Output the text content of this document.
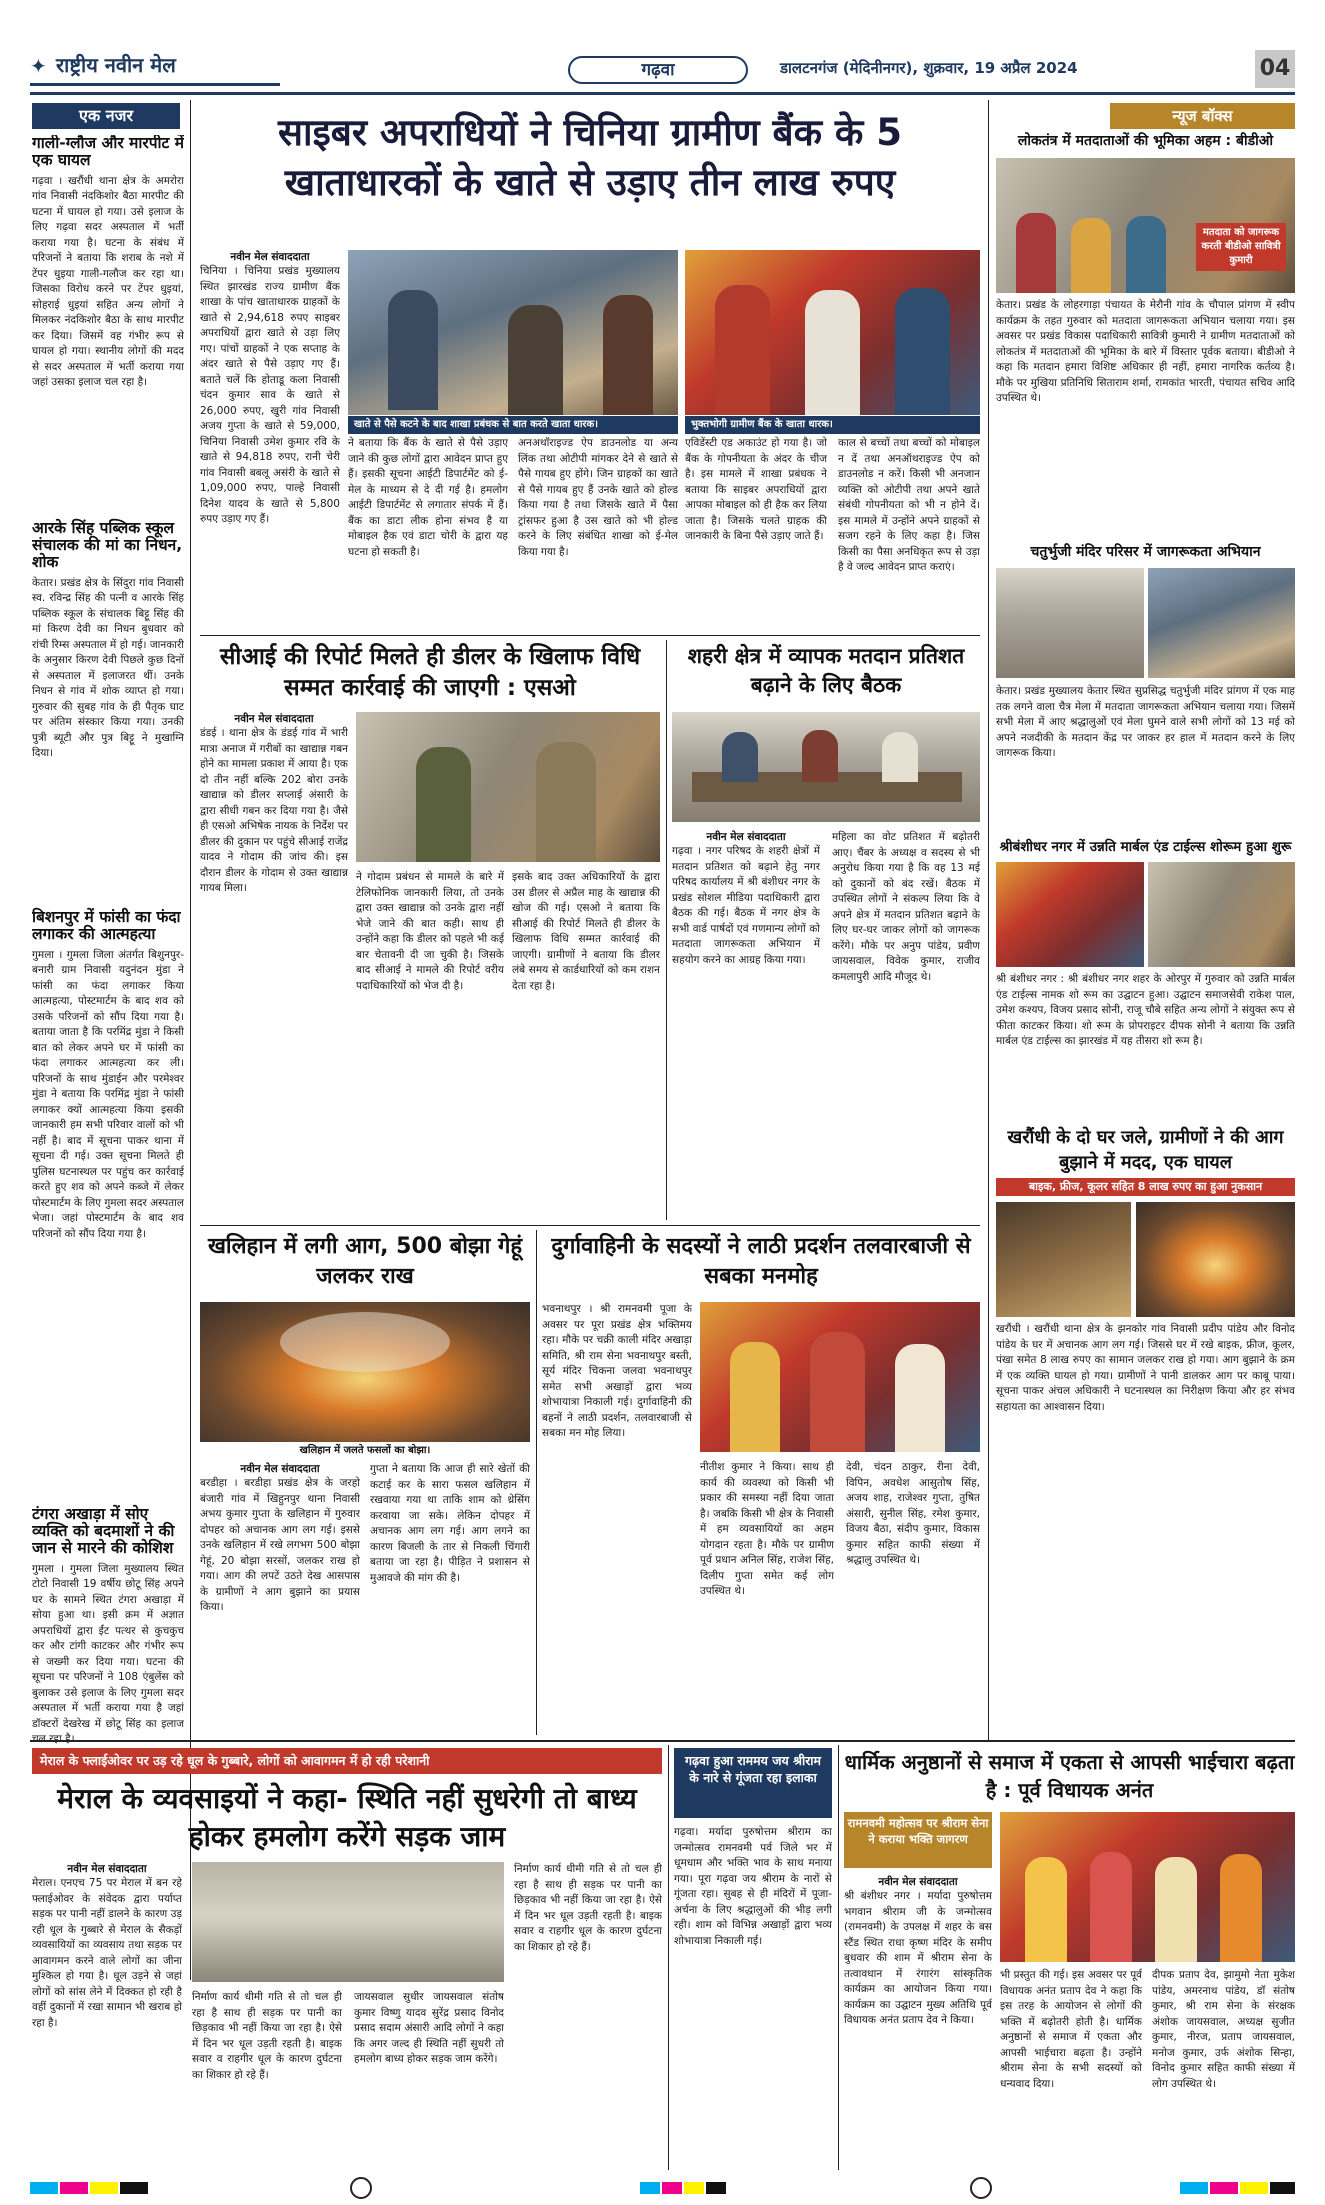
✦ राष्ट्रीय नवीन मेल	गढ़वा	डालटनगंज (मेदिनीनगर), शुक्रवार, 19 अप्रैल 2024	04
एक नजर
गाली-ग्लौज और मारपीट में एक घायल
गढ़वा । खरौंधी थाना क्षेत्र के अमरोरा गांव निवासी नंदकिशोर बैठा मारपीट की घटना में घायल हो गया। उसे इलाज के लिए गढ़वा सदर अस्पताल में भर्ती कराया गया है। घटना के संबंध में परिजनों ने बताया कि शराब के नशे में टेंपर धुइया गाली-गलौज कर रहा था। जिसका विरोध करने पर टेंपर धुइयां, सोहराई धुइयां सहित अन्य लोगों ने मिलकर नंदकिशोर बैठा के साथ मारपीट कर दिया। जिसमें वह गंभीर रूप से घायल हो गया। स्थानीय लोगों की मदद से सदर अस्पताल में भर्ती कराया गया जहां उसका इलाज चल रहा है।
आरके सिंह पब्लिक स्कूल संचालक की मां का निधन, शोक
केतार। प्रखंड क्षेत्र के सिंदुरा गांव निवासी स्व. रविन्द्र सिंह की पत्नी व आरके सिंह पब्लिक स्कूल के संचालक बिट्टू सिंह की मां किरण देवी का निधन बुधवार को रांची रिम्स अस्पताल में हो गई। जानकारी के अनुसार किरण देवी पिछले कुछ दिनों से अस्पताल में इलाजरत थीं। उनके निधन से गांव में शोक व्याप्त हो गया। गुरुवार की सुबह गांव के ही पैतृक घाट पर अंतिम संस्कार किया गया। उनकी पुत्री ब्यूटी और पुत्र बिट्टू ने मुखाग्नि दिया।
बिशनपुर में फांसी का फंदा लगाकर की आत्महत्या
गुमला । गुमला जिला अंतर्गत बिशुनपुर-बनारी ग्राम निवासी यदुनंदन मुंडा ने फांसी का फंदा लगाकर किया आत्महत्या, पोस्टमार्टम के बाद शव को उसके परिजनों को सौंप दिया गया है। बताया जाता है कि परमिंद्र मुंडा ने किसी बात को लेकर अपने घर में फांसी का फंदा लगाकर आत्महत्या कर ली। परिजनों के साथ मुंडाईन और परमेश्वर मुंडा ने बताया कि परमिंद्र मुंडा ने फांसी लगाकर क्यों आत्महत्या किया इसकी जानकारी हम सभी परिवार वालों को भी नहीं है। बाद में सूचना पाकर थाना में सूचना दी गई। उक्त सूचना मिलते ही पुलिस घटनास्थल पर पहुंच कर कार्रवाई करते हुए शव को अपने कब्जे में लेकर पोस्टमार्टम के लिए गुमला सदर अस्पताल भेजा। जहां पोस्टमार्टम के बाद शव परिजनों को सौंप दिया गया है।
टंगरा अखाड़ा में सोए व्यक्ति को बदमाशों ने की जान से मारने की कोशिश
गुमला । गुमला जिला मुख्यालय स्थित टोटो निवासी 19 वर्षीय छोटू सिंह अपने घर के सामने स्थित टंगरा अखाड़ा में सोया हुआ था। इसी क्रम में अज्ञात अपराधियों द्वारा ईंट पत्थर से कुचकुच कर और टांगी काटकर और गंभीर रूप से जख्मी कर दिया गया। घटना की सूचना पर परिजनों ने 108 एंबुलेंस को बुलाकर उसे इलाज के लिए गुमला सदर अस्पताल में भर्ती कराया गया है जहां डॉक्टरों देखरेख में छोटू सिंह का इलाज
साइबर अपराधियों ने चिनिया ग्रामीण बैंक के 5 खाताधारकों के खाते से उड़ाए तीन लाख रुपए
नवीन मेल संवाददाता
चिनिया । चिनिया प्रखंड मुख्यालय स्थित झारखंड राज्य ग्रामीण बैंक शाखा के पांच खाताधारक ग्राहकों के खाते से 2,94,618 रुपए साइबर अपराधियों द्वारा खाते से उड़ा लिए गए। पांचों ग्राहकों ने एक सप्ताह के अंदर खाते से पैसे उड़ाए गए हैं। बताते चलें कि होताडू कला निवासी चंदन कुमार साव के खाते से 26,000 रुपए, खुरी गांव निवासी अजय गुप्ता के खाते से 59,000, चिनिया निवासी उमेश कुमार रवि के खाते से 94,818 रुपए, रानी चेरी गांव निवासी बबलू असंरी के खाते से 1,09,000 रुपए, पाल्हे निवासी दिनेश यादव के खाते से 5,800 रुपए उड़ाए गए हैं।
खाते से पैसे कटने के बाद शाखा प्रबंधक से बात करते खाता धारक।	भुक्तभोगी ग्रामीण बैंक के खाता धारक।
ने बताया कि बैंक के खाते से पैसे उड़ाए जाने की कुछ लोगों द्वारा आवेदन प्राप्त हुए हैं। इसकी सूचना आईटी डिपार्टमेंट को ई-मेल के माध्यम से दे दी गई है। हमलोग आईटी डिपार्टमेंट से लगातार संपर्क में हैं। बैंक का डाटा लीक होना संभव है या मोबाइल हैक एवं डाटा चोरी के द्वारा यह घटना हो सकती है।
अनअथॉराइज्ड ऐप डाउनलोड या अन्य लिंक तथा ओटीपी मांगकर देने से खाते से पैसे गायब हुए होंगे। जिन ग्राहकों का खाते से पैसे गायब हुए हैं उनके खाते को होल्ड किया गया है तथा जिसके खाते में पैसा ट्रांसफर हुआ है उस खाते को भी होल्ड करने के लिए संबंधित शाखा को ई-मेल किया गया है।
एविडेंस्टी एड अकाउंट हो गया है। जो बैंक के गोपनीयता के अंदर के चीज है। इस मामले में शाखा प्रबंधक ने बताया कि साइबर अपराधियों द्वारा आपका मोबाइल को ही हैक कर लिया जाता है। जिसके चलते ग्राहक की जानकारी के बिना पैसे उड़ाए जाते हैं।
काल से बच्चों तथा बच्चों को मोबाइल न दें तथा अनऑथराइज्ड ऐप को डाउनलोड न करें। किसी भी अनजान व्यक्ति को ओटीपी तथा अपने खाते संबंधी गोपनीयता को भी न होने दें। इस मामले में उन्होंने अपने ग्राहकों से सजग रहने के लिए कहा है। जिस किसी का पैसा अनधिकृत रूप से उड़ा है वे जल्द आवेदन प्राप्त कराएं।
सीआई की रिपोर्ट मिलते ही डीलर के खिलाफ विधि सम्मत कार्रवाई की जाएगी : एसओ
नवीन मेल संवाददाता
डंडई । थाना क्षेत्र के डंडई गांव में भारी मात्रा अनाज में गरीबों का खाद्यान्न गबन होने का मामला प्रकाश में आया है। एक दो तीन नहीं बल्कि 202 बोरा उनके खाद्यान्न को डीलर सप्लाई अंसारी के द्वारा सीधी गबन कर दिया गया है। जैसे ही एसओ अभिषेक नायक के निर्देश पर डीलर की दुकान पर पहुंचे सीआई राजेंद्र यादव ने गोदाम की जांच की। इस दौरान डीलर के गोदाम से उक्त खाद्यान्न गायब मिला।
ने गोदाम प्रबंधन से मामले के बारे में टेलिफोनिक जानकारी लिया, तो उनके द्वारा उक्त खाद्यान्न को उनके द्वारा नहीं भेजे जाने की बात कही। साथ ही उन्होंने कहा कि डीलर को पहले भी कई बार चेतावनी दी जा चुकी है। जिसके बाद सीआई ने मामले की रिपोर्ट वरीय पदाधिकारियों को भेज दी है।
इसके बाद उक्त अधिकारियों के द्वारा उस डीलर से अप्रैल माह के खाद्यान्न की खोज की गई। एसओ ने बताया कि सीआई की रिपोर्ट मिलते ही डीलर के खिलाफ विधि सम्मत कार्रवाई की जाएगी। ग्रामीणों ने बताया कि डीलर लंबे समय से कार्डधारियों को कम राशन देता रहा है।
शहरी क्षेत्र में व्यापक मतदान प्रतिशत बढ़ाने के लिए बैठक
नवीन मेल संवाददाता
गढ़वा । नगर परिषद के शहरी क्षेत्रों में मतदान प्रतिशत को बढ़ाने हेतु नगर परिषद कार्यालय में श्री बंशीधर नगर के प्रखंड सोशल मीडिया पदाधिकारी द्वारा बैठक की गई। बैठक में नगर क्षेत्र के सभी वार्ड पार्षदों एवं गणमान्य लोगों को मतदाता जागरूकता अभियान में सहयोग करने का आग्रह किया गया।
महिला का वोट प्रतिशत में बढ़ोतरी आए। चैंबर के अध्यक्ष व सदस्य से भी अनुरोध किया गया है कि वह 13 मई को दुकानों को बंद रखें। बैठक में उपस्थित लोगों ने संकल्प लिया कि वे अपने क्षेत्र में मतदान प्रतिशत बढ़ाने के लिए घर-घर जाकर लोगों को जागरूक करेंगे। मौके पर अनुप पांडेय, प्रवीण जायसवाल, विवेक कुमार, राजीव कमलापुरी आदि मौजूद थे।
खलिहान में लगी आग, 500 बोझा गेहूं जलकर राख
खलिहान में जलते फसलों का बोझा।
नवीन मेल संवाददाता
बरडीहा । बरडीहा प्रखंड क्षेत्र के जरहो बंजारी गांव में खिहुनपुर थाना निवासी अभय कुमार गुप्ता के खलिहान में गुरुवार दोपहर को अचानक आग लग गई। इससे उनके खलिहान में रखे लगभग 500 बोझा गेहूं, 20 बोझा सरसों, जलकर राख हो गया। आग की लपटें उठते देख आसपास के ग्रामीणों ने आग बुझाने का प्रयास किया।
गुप्ता ने बताया कि आज ही सारे खेतों की कटाई कर के सारा फसल खलिहान में रखवाया गया था ताकि शाम को थ्रेसिंग करवाया जा सके। लेकिन दोपहर में अचानक आग लग गई। आग लगने का कारण बिजली के तार से निकली चिंगारी बताया जा रहा है। पीड़ित ने प्रशासन से मुआवजे की मांग की है।
दुर्गावाहिनी के सदस्यों ने लाठी प्रदर्शन तलवारबाजी से सबका मनमोह
भवनाथपुर । श्री रामनवमी पूजा के अवसर पर पूरा प्रखंड क्षेत्र भक्तिमय रहा। मौके पर चक्री काली मंदिर अखाड़ा समिति, श्री राम सेना भवनाथपुर बस्ती, सूर्य मंदिर चिकना जलवा भवनाथपुर समेत सभी अखाड़ों द्वारा भव्य शोभायात्रा निकाली गई। दुर्गावाहिनी की बहनों ने लाठी प्रदर्शन, तलवारबाजी से सबका मन मोह लिया।
नीतीश कुमार ने किया। साथ ही कार्य की व्यवस्था को किसी भी प्रकार की समस्या नहीं दिया जाता है। जबकि किसी भी क्षेत्र के निवासी में हम व्यवसायियों का अहम योगदान रहता है। मौके पर ग्रामीण पूर्व प्रधान अनिल सिंह, राजेश सिंह, दिलीप गुप्ता समेत कई लोग उपस्थित थे।
देवी, चंदन ठाकुर, रीना देवी, विपिन, अवधेश आसुतोष सिंह, अजय शाह, राजेश्वर गुप्ता, तुषित अंसारी, सुनील सिंह, रमेश कुमार, विजय बैठा, संदीप कुमार, विकास कुमार सहित काफी संख्या में श्रद्धालु उपस्थित थे।
न्यूज बॉक्स
लोकतंत्र में मतदाताओं की भूमिका अहम : बीडीओ
मतदाता को जागरूक करती बीडीओ सावित्री कुमारी
केतार। प्रखंड के लोहरगाड़ा पंचायत के मेरौनी गांव के चौपाल प्रांगण में स्वीप कार्यक्रम के तहत गुरुवार को मतदाता जागरूकता अभियान चलाया गया। इस अवसर पर प्रखंड विकास पदाधिकारी सावित्री कुमारी ने ग्रामीण मतदाताओं को लोकतंत्र में मतदाताओं की भूमिका के बारे में विस्तार पूर्वक बताया। बीडीओ ने कहा कि मतदान हमारा विशिष्ट अधिकार ही नहीं, हमारा नागरिक कर्तव्य है। मौके पर मुखिया प्रतिनिधि सिताराम शर्मा, रामकांत भारती, पंचायत सचिव आदि उपस्थित थे।
चतुर्भुजी मंदिर परिसर में जागरूकता अभियान
केतार। प्रखंड मुख्यालय केतार स्थित सुप्रसिद्ध चतुर्भुजी मंदिर प्रांगण में एक माह तक लगने वाला चैत्र मेला में मतदाता जागरूकता अभियान चलाया गया। जिसमें सभी मेला में आए श्रद्धालुओं एवं मेला घुमने वाले सभी लोगों को 13 मई को अपने नजदीकी के मतदान केंद्र पर जाकर हर हाल में मतदान करने के लिए जागरूक किया।
श्रीबंशीधर नगर में उन्नति मार्बल एंड टाईल्स शोरूम हुआ शुरू
श्री बंशीधर नगर : श्री बंशीधर नगर शहर के ओरपुर में गुरुवार को उन्नति मार्बल एंड टाईल्स नामक शो रूम का उद्घाटन हुआ। उद्घाटन समाजसेवी राकेश पाल, उमेश कश्यप, विजय प्रसाद सोनी, राजू चौबे सहित अन्य लोगों ने संयुक्त रूप से फीता काटकर किया। शो रूम के प्रोपराइटर दीपक सोनी ने बताया कि उन्नति मार्बल एंड टाईल्स का झारखंड में यह तीसरा शो रूम है।
खरौंधी के दो घर जले, ग्रामीणों ने की आग बुझाने में मदद, एक घायल
बाइक, फ्रीज, कूलर सहित 8 लाख रुपए का हुआ नुकसान
खरौंधी । खरौंधी थाना क्षेत्र के झनकोर गांव निवासी प्रदीप पांडेय और विनोद पांडेय के घर में अचानक आग लग गई। जिससे घर में रखे बाइक, फ्रीज, कूलर, पंखा समेत 8 लाख रुपए का सामान जलकर राख हो गया। आग बुझाने के क्रम में एक व्यक्ति घायल हो गया। ग्रामीणों ने पानी डालकर आग पर काबू पाया। सूचना पाकर अंचल अधिकारी ने घटनास्थल का निरीक्षण किया और हर संभव सहायता का आश्वासन दिया।
मेराल के फ्लाईओवर पर उड़ रहे धूल के गुब्बारे, लोगों को आवागमन में हो रही परेशानी
मेराल के व्यवसाइयों ने कहा- स्थिति नहीं सुधरेगी तो बाध्य होकर हमलोग करेंगे सड़क जाम
नवीन मेल संवाददाता
मेराल। एनएच 75 पर मेराल में बन रहे फ्लाईओवर के संवेदक द्वारा पर्याप्त सड़क पर पानी नहीं डालने के कारण उड़ रही धूल के गुब्बारे से मेराल के सैकड़ों व्यवसायियों का व्यवसाय तथा सड़क पर आवागमन करने वाले लोगों का जीना मुश्किल हो गया है। धूल उड़ने से जहां लोगों को सांस लेने में दिक्कत हो रही है वहीं दुकानों में रखा सामान भी खराब हो रहा है।
निर्माण कार्य धीमी गति से तो चल ही रहा है साथ ही सड़क पर पानी का छिड़काव भी नहीं किया जा रहा है। ऐसे में दिन भर धूल उड़ती रहती है। बाइक सवार व राहगीर धूल के कारण दुर्घटना का शिकार हो रहे हैं।
जायसवाल सुधीर जायसवाल संतोष कुमार विष्णु यादव सुरेंद्र प्रसाद विनोद प्रसाद सदाम अंसारी आदि लोगों ने कहा कि अगर जल्द ही स्थिति नहीं सुधरी तो हमलोग बाध्य होकर सड़क जाम करेंगे।
निर्माण कार्य धीमी गति से तो चल ही रहा है साथ ही सड़क पर पानी का छिड़काव भी नहीं किया जा रहा है। ऐसे में दिन भर धूल उड़ती रहती है। बाइक सवार व राहगीर धूल के कारण दुर्घटना का शिकार हो रहे हैं।
गढ़वा हुआ राममय जय श्रीराम के नारे से गूंजता रहा इलाका
गढ़वा। मर्यादा पुरुषोत्तम श्रीराम का जन्मोत्सव रामनवमी पर्व जिले भर में धूमधाम और भक्ति भाव के साथ मनाया गया। पूरा गढ़वा जय श्रीराम के नारों से गूंजता रहा। सुबह से ही मंदिरों में पूजा-अर्चना के लिए श्रद्धालुओं की भीड़ लगी रही। शाम को विभिन्न अखाड़ों द्वारा भव्य शोभायात्रा निकाली गई।
धार्मिक अनुष्ठानों से समाज में एकता से आपसी भाईचारा बढ़ता है : पूर्व विधायक अनंत
रामनवमी महोत्सव पर श्रीराम सेना ने कराया भक्ति जागरण
नवीन मेल संवाददाता
श्री बंशीधर नगर । मर्यादा पुरुषोत्तम भगवान श्रीराम जी के जन्मोत्सव (रामनवमी) के उपलक्ष में शहर के बस स्टैंड स्थित राधा कृष्ण मंदिर के समीप बुधवार की शाम में श्रीराम सेना के तत्वावधान में रंगारंग सांस्कृतिक कार्यक्रम का आयोजन किया गया। कार्यक्रम का उद्घाटन मुख्य अतिथि पूर्व विधायक अनंत प्रताप देव ने किया।
भी प्रस्तुत की गई। इस अवसर पर पूर्व विधायक अनंत प्रताप देव ने कहा कि इस तरह के आयोजन से लोगों की भक्ति में बढ़ोतरी होती है। धार्मिक अनुष्ठानों से समाज में एकता और आपसी भाईचारा बढ़ता है। उन्होंने श्रीराम सेना के सभी सदस्यों को धन्यवाद दिया।
दीपक प्रताप देव, झामुमो नेता मुकेश पांडेय, अमरनाथ पांडेय, डॉ संतोष कुमार, श्री राम सेना के संरक्षक अंशोक जायसवाल, अध्यक्ष सुजीत कुमार, नीरज, प्रताप जायसवाल, मनोज कुमार, उर्फ अंशोक सिन्हा, विनोद कुमार सहित काफी संख्या में लोग उपस्थित थे।
